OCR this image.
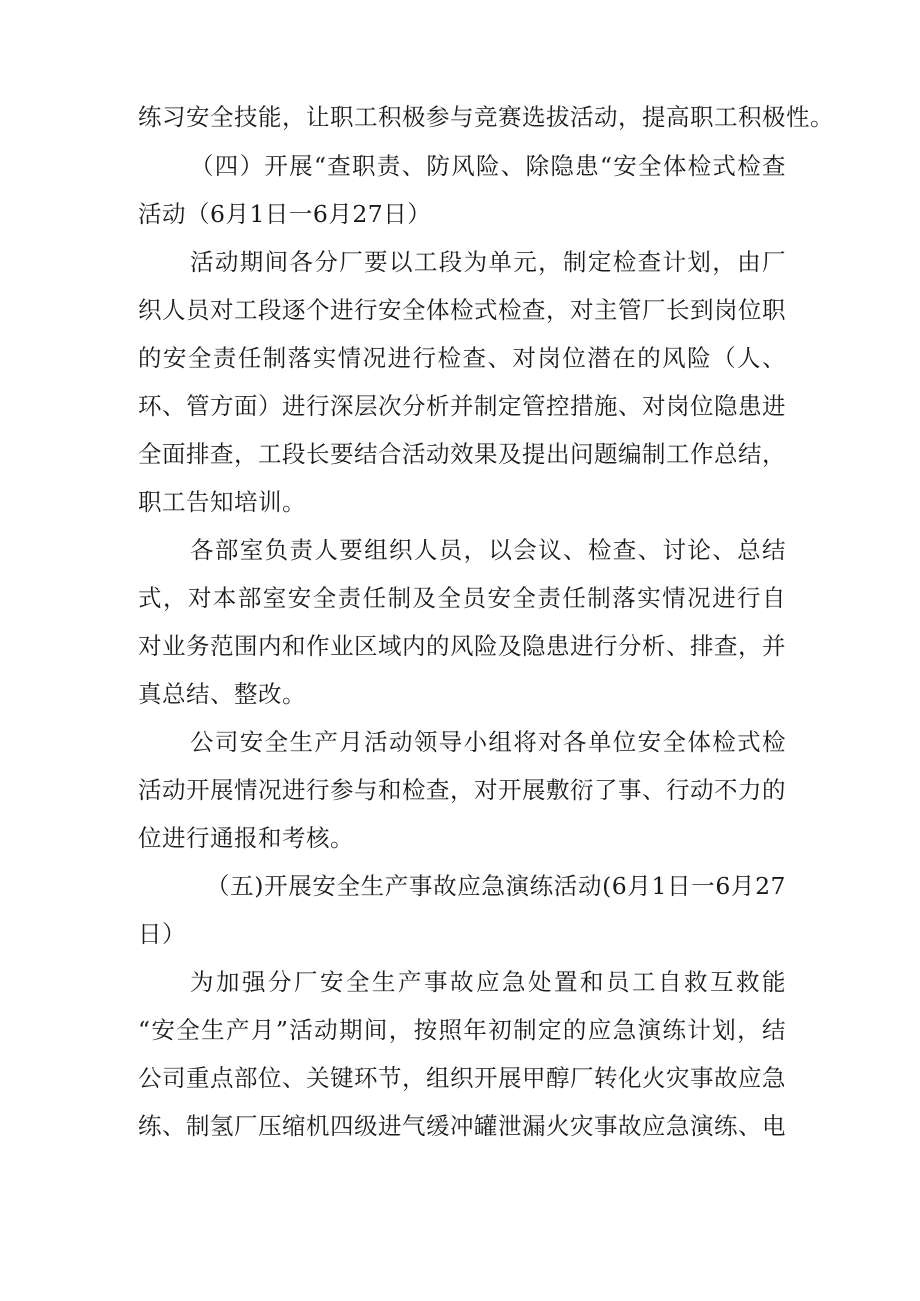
练习安全技能，让职工积极参与竞赛选拔活动，提高职工积极性。
（四）开展“查职责、防风险、除隐患“安全体检式检查
活动（6月1日一6月27日）
活动期间各分厂要以工段为单元，制定检查计划，由厂
织人员对工段逐个进行安全体检式检查，对主管厂长到岗位职
的安全责任制落实情况进行检查、对岗位潜在的风险（人、
环、管方面）进行深层次分析并制定管控措施、对岗位隐患进
全面排查，工段长要结合活动效果及提出问题编制工作总结，
职工告知培训。
各部室负责人要组织人员，以会议、检查、讨论、总结
式，对本部室安全责任制及全员安全责任制落实情况进行自
对业务范围内和作业区域内的风险及隐患进行分析、排查，并
真总结、整改。
公司安全生产月活动领导小组将对各单位安全体检式检
活动开展情况进行参与和检查，对开展敷衍了事、行动不力的
位进行通报和考核。
（五)开展安全生产事故应急演练活动(6月1日一6月27
日）
为加强分厂安全生产事故应急处置和员工自救互救能
“安全生产月”活动期间，按照年初制定的应急演练计划，结
公司重点部位、关键环节，组织开展甲醇厂转化火灾事故应急
练、制氢厂压缩机四级进气缓冲罐泄漏火灾事故应急演练、电
